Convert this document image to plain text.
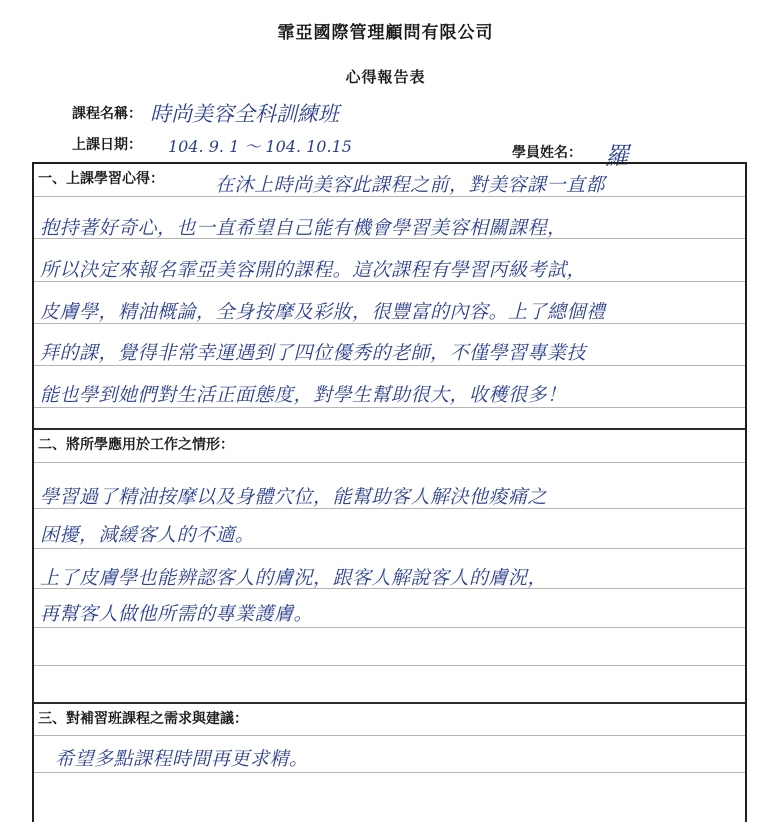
霏亞國際管理顧問有限公司
心得報告表
課程名稱： 時尚美容全科訓練班
上課日期： 104. 9. 1 ～ 104. 10.15	學員姓名： 羅
一、上課學習心得：	在沐上時尚美容此課程之前，對美容課一直都
抱持著好奇心，也一直希望自己能有機會學習美容相關課程，
所以決定來報名霏亞美容開的課程。這次課程有學習丙級考試，
皮膚學，精油概論，全身按摩及彩妝，很豐富的內容。上了總個禮
拜的課，覺得非常幸運遇到了四位優秀的老師，不僅學習專業技
能也學到她們對生活正面態度，對學生幫助很大，收穫很多！
二、將所學應用於工作之情形：
學習過了精油按摩以及身體穴位，能幫助客人解決他痠痛之
困擾，減緩客人的不適。
上了皮膚學也能辨認客人的膚況，跟客人解說客人的膚況，
再幫客人做他所需的專業護膚。
三、對補習班課程之需求與建議：
希望多點課程時間再更求精。
